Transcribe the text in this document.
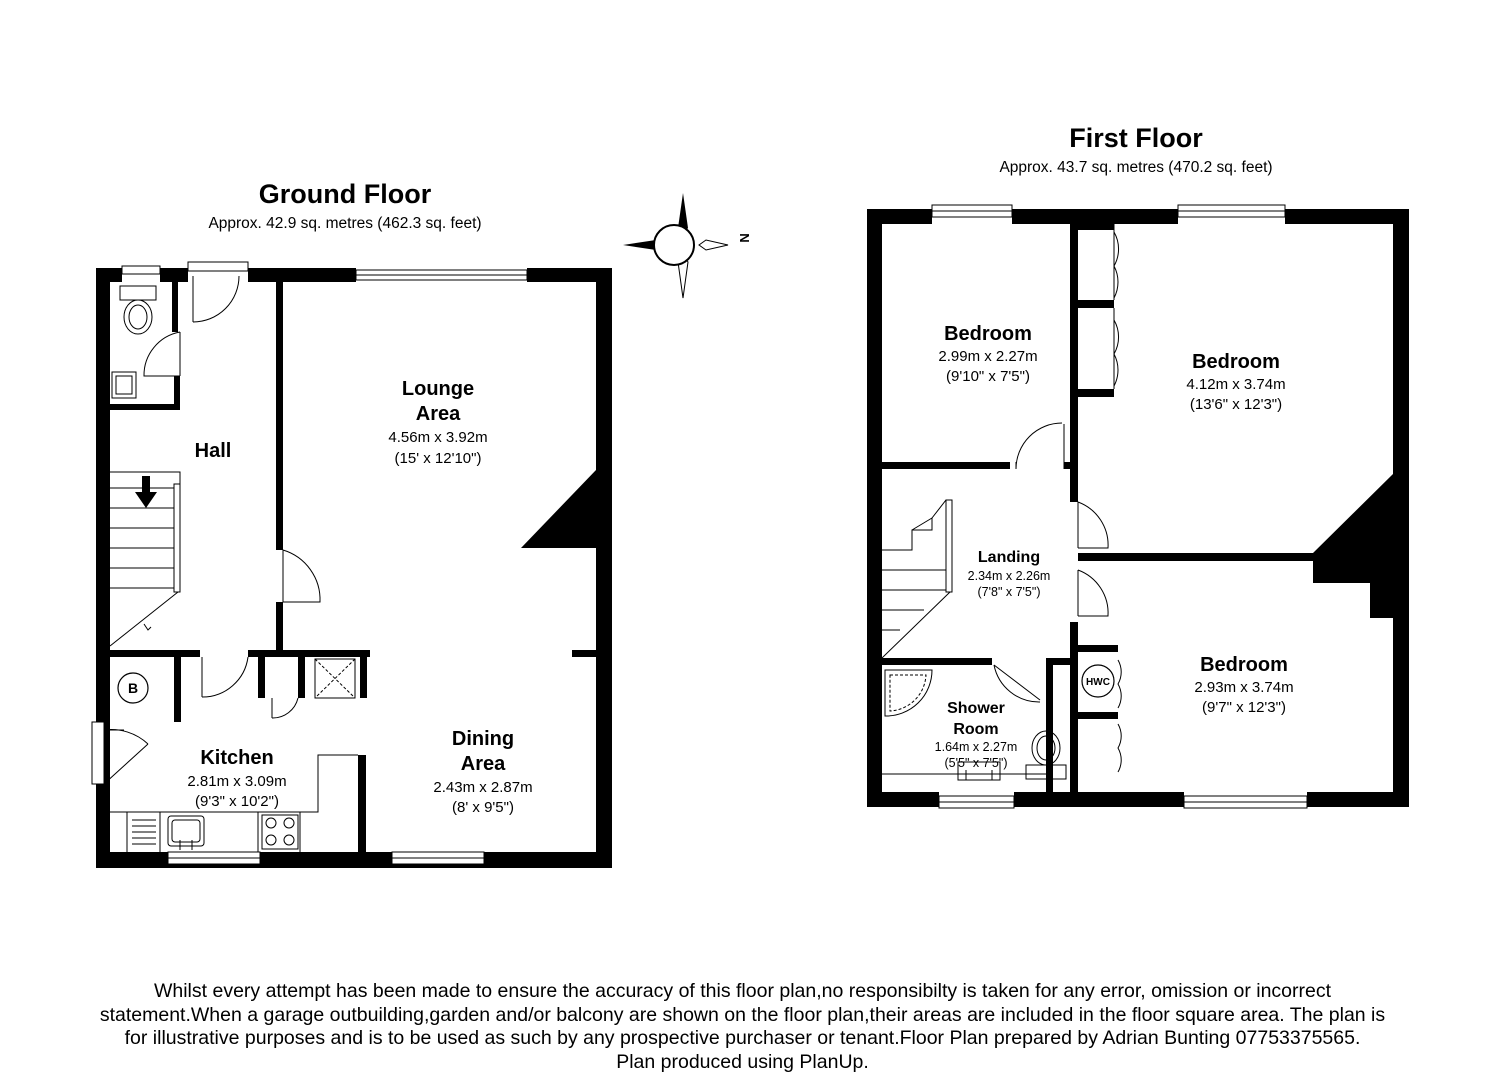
Ground Floor
Approx. 42.9 sq. metres (462.3 sq. feet)
B
Hall
Lounge
Area
4.56m x 3.92m
(15' x 12'10")
Kitchen
2.81m x 3.09m
(9'3" x 10'2")
Dining
Area
2.43m x 2.87m
(8' x 9'5")
N
First Floor
Approx. 43.7 sq. metres (470.2 sq. feet)
HWC
Bedroom
2.99m x 2.27m
(9'10" x 7'5")
Bedroom
4.12m x 3.74m
(13'6" x 12'3")
Landing
2.34m x 2.26m
(7'8" x 7'5")
Bedroom
2.93m x 3.74m
(9'7" x 12'3")
Shower
Room
1.64m x 2.27m
(5'5" x 7'5")
Whilst every attempt has been made to ensure the accuracy of this floor plan,no responsibilty is taken for any error, omission or incorrect
statement.When a garage outbuilding,garden and/or balcony are shown on the floor plan,their areas are included in the floor square area. The plan is
for illustrative purposes and is to be used as such by any prospective purchaser or tenant.Floor Plan prepared by Adrian Bunting 07753375565.
Plan produced using PlanUp.
